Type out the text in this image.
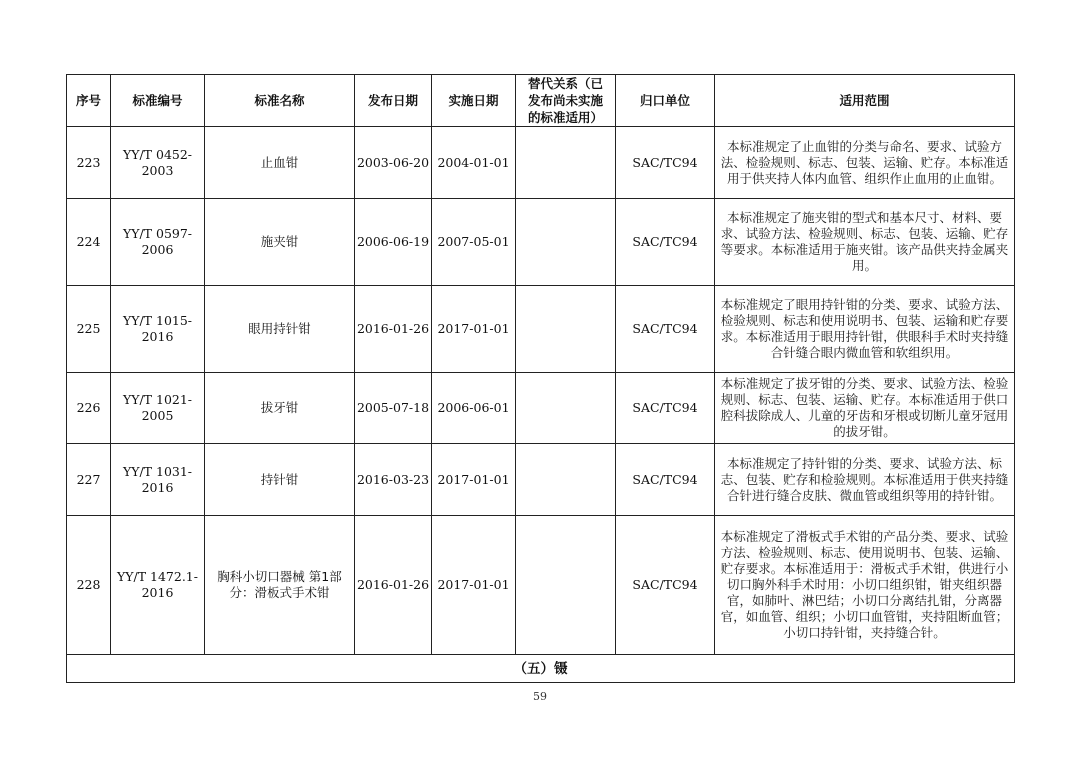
序号	标准编号	标准名称	发布日期	实施日期	替代关系（已发布尚未实施的标准适用）	归口单位	适用范围
223	YY/T 0452-2003	止血钳	2003-06-20	2004-01-01		SAC/TC94	本标准规定了止血钳的分类与命名、要求、试验方法、检验规则、标志、包装、运输、贮存。本标准适用于供夹持人体内血管、组织作止血用的止血钳。
224	YY/T 0597-2006	施夹钳	2006-06-19	2007-05-01		SAC/TC94	本标准规定了施夹钳的型式和基本尺寸、材料、要求、试验方法、检验规则、标志、包装、运输、贮存等要求。本标准适用于施夹钳。该产品供夹持金属夹用。
225	YY/T 1015-2016	眼用持针钳	2016-01-26	2017-01-01		SAC/TC94	本标准规定了眼用持针钳的分类、要求、试验方法、检验规则、标志和使用说明书、包装、运输和贮存要求。本标准适用于眼用持针钳，供眼科手术时夹持缝合针缝合眼内微血管和软组织用。
226	YY/T 1021-2005	拔牙钳	2005-07-18	2006-06-01		SAC/TC94	本标准规定了拔牙钳的分类、要求、试验方法、检验规则、标志、包装、运输、贮存。本标准适用于供口腔科拔除成人、儿童的牙齿和牙根或切断儿童牙冠用的拔牙钳。
227	YY/T 1031-2016	持针钳	2016-03-23	2017-01-01		SAC/TC94	本标准规定了持针钳的分类、要求、试验方法、标志、包装、贮存和检验规则。本标准适用于供夹持缝合针进行缝合皮肤、微血管或组织等用的持针钳。
228	YY/T 1472.1-2016	胸科小切口器械 第1部分：滑板式手术钳	2016-01-26	2017-01-01		SAC/TC94	本标准规定了滑板式手术钳的产品分类、要求、试验方法、检验规则、标志、使用说明书、包装、运输、贮存要求。本标准适用于：滑板式手术钳，供进行小切口胸外科手术时用：小切口组织钳，钳夹组织器官，如肺叶、淋巴结；小切口分离结扎钳，分离器官，如血管、组织；小切口血管钳，夹持阻断血管；小切口持针钳，夹持缝合针。
（五）镊							
59
